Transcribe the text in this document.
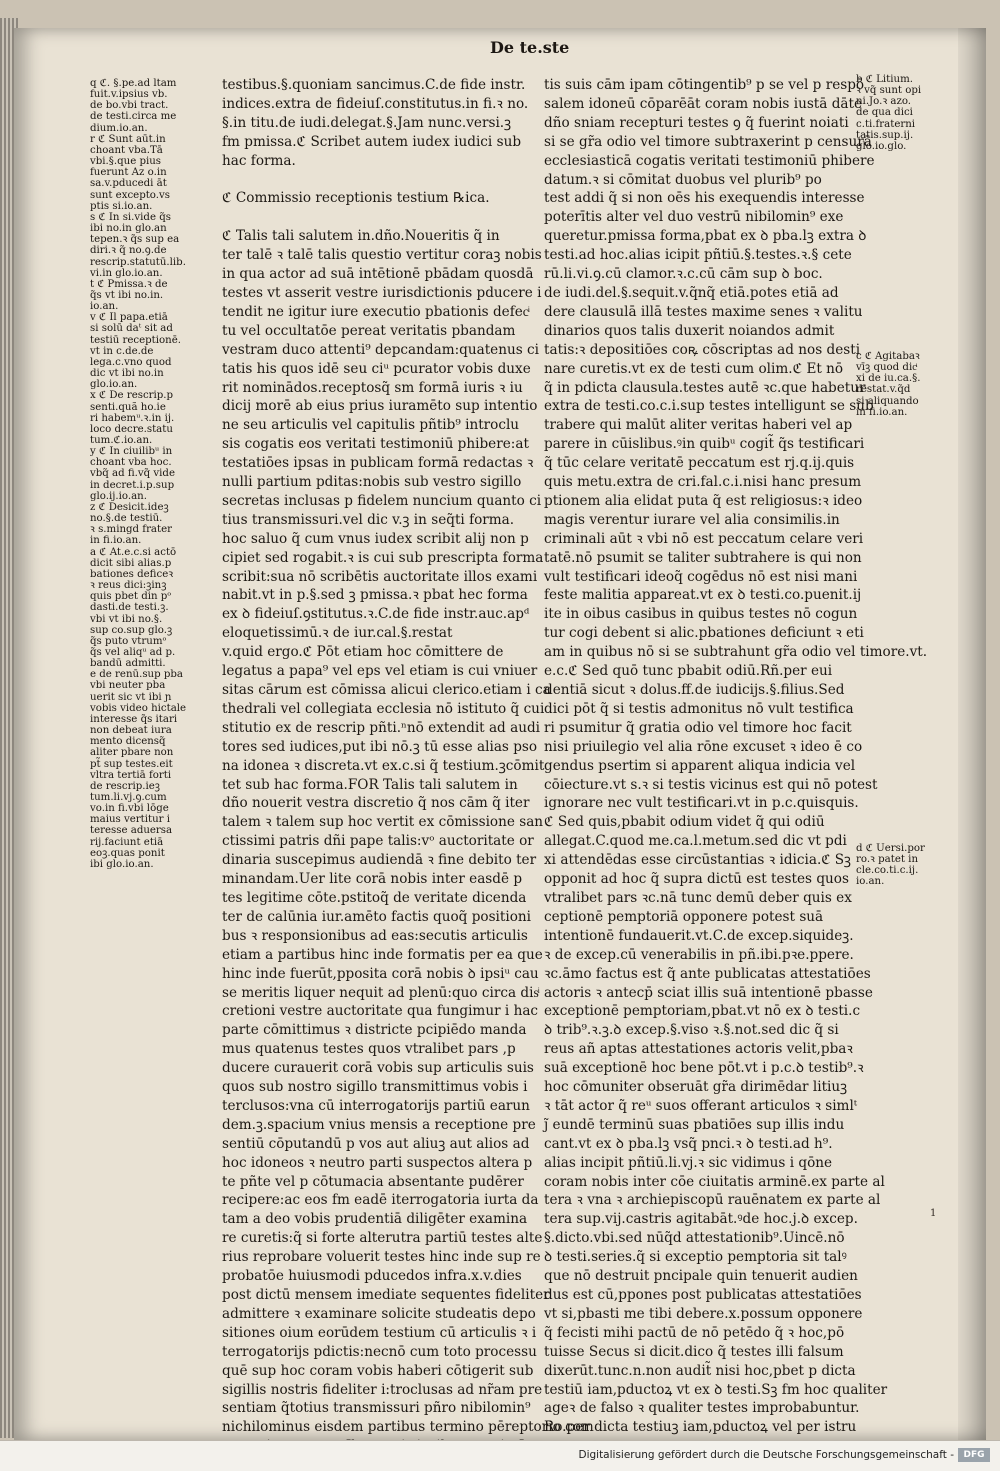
De te.ste

q ℭ. §.pe.ad ltam

fuit.v.ipsius vb.

de bo.vbi tract.

de testi.circa me

dium.io.an.

r ℭ Sunt aūt.in

choant vba.Tā

vbi.§.que pius

fuerunt Az o.in

sa.v.pducedi āt

sunt excepto.vs

ptis si.io.an.

s ℭ In si.vide q̃s

ibi no.in glo.an

tepen.ꝛ q̃s sup ea

diri.ꝛ q̃ no.ꝯ.de

rescrip.statutū.lib.

vi.in glo.io.an.

t ℭ Pmissa.ꝛ de

q̃s vt ibi no.in.

io.an.

v ℭ Il papa.etiā

si solū daᵗ sit ad

testiū receptionē.

vt in c.de.de

lega.c.vno quod

dic vt ibi no.in

glo.io.an.

x ℭ De rescrip.p

senti.quã ho.ie

ri habemᵘ.ꝛ.in ij.

loco decre.statu

tum.ℭ.io.an.

y ℭ In ciuilibᵘ in

choant vba hoc.

vbq̃ ad fi.vq̃ vide

in decret.i.p.sup

glo.ij.io.an.

z ℭ Desicit.ideꝫ

no.§.de testiū.

ꝛ s.mingd frater

in fi.io.an.

a ℭ At.e.c.si actō

dicit sibi alias.p

bationes deficeꝛ

ꝛ reus dici:ꝫinꝫ

quis pbet din pᵒ

dasti.de testi.ꝫ.

vbi vt ibi no.§.

sup co.sup glo.ꝫ

q̃s puto vtrumᵒ

q̃s vel aliqᵘ ad p.

bandū admitti.

e de renū.sup pba

vbi neuter pba

uerit sic vt ibi ɲ

vobis video hictale

interesse q̃s itari

non debeat iura

mento dicensq̃

aliter pbare non

pt̃ sup testes.eit

vltra tertiā forti

de rescrip.ieꝫ

tum.li.vj.ꝯ.cum

vo.in fi.vbi lōge

maius vertitur i

teresse aduersa

rij.faciunt etiā

eoꝫ.quas ponit

ibi glo.io.an.

testibus.§.quoniam sancimus.C.de fide instr.

indices.extra de fideiuſ.constitutus.in fi.ꝛ no.

§.in titu.de iudi.delegat.§.Jam nunc.versi.ꝫ

fm pmissa.ℭ Scribet autem iudex iudici sub

hac forma.

ℭ Commissio receptionis testium ℞ica.

ℭ Talis tali salutem in.dño.Noueritis q̃ in

ter talē ꝛ talē talis questio vertitur coraꝫ nobis

in qua actor ad suā intētionē pbādam quosdā

testes vt asserit vestre iurisdictionis pducere i

tendit ne igitur iure executio pbationis defecͥ

tu vel occultatōe pereat veritatis pbandam

vestram duco attenti⁹ depcandam:quatenus ci

tatis his quos idē seu ciᵘ pcurator vobis duxe

rit nominādos.receptosq̃ sm formā iuris ꝛ iu

dicij morē ab eius prius iuramēto sup intentio

ne seu articulis vel capitulis pñtib⁹ introclu

sis cogatis eos veritati testimoniū phibere:at

testatiōes ipsas in publicam formā redactas ꝛ

nulli partium pditas:nobis sub vestro sigillo

secretas inclusas p fidelem nuncium quanto ci

tius transmissuri.vel dic v.ꝫ in seq̃ti forma.

hoc saluo q̃ cum vnus iudex scribit alij non p

cipiet sed rogabit.ꝛ is cui sub prescripta forma

scribit:sua nō scribētis auctoritate illos exami

nabit.vt in p.§.sed ꝫ pmissa.ꝛ pbat hec forma

ex ꝺ fideiuſ.ꝯstitutus.ꝛ.C.de fide instr.auc.apᵈ

eloquetissimū.ꝛ de iur.cal.§.restat

v.quid ergo.ℭ Pōt etiam hoc cōmittere de

legatus a papa⁹ vel eps vel etiam is cui vniuer

sitas cārum est cōmissa alicui clerico.etiam i ca

thedrali vel collegiata ecclesia nō istituto q̃ cui

stitutio ex de rescrip pñti.ⁿnō extendit ad audi

tores sed iudices,put ibi nō.ꝫ tū esse alias pso

na idonea ꝛ discreta.vt ex.c.si q̃ testium.ꝫcōmit

tet sub hac forma.FOR Talis tali salutem in

dño nouerit vestra discretio q̃ nos cām q̃ iter

talem ꝛ talem sup hoc vertit ex cōmissione san

ctissimi patris dñi pape talis:vᵒ auctoritate or

dinaria suscepimus audiendā ꝛ fine debito ter

minandam.Uer lite corā nobis inter easdē p

tes legitime cōte.pstitoq̃ de veritate dicenda

ter de calūnia iur.amēto factis quoq̃ positioni

bus ꝛ responsionibus ad eas:secutis articulis

etiam a partibus hinc inde formatis per ea que

hinc inde fuerūt,pposita corā nobis ꝺ ipsiᵘ cau

se meritis liquer nequit ad plenū:quo circa disͥ

cretioni vestre auctoritate qua fungimur i hac

parte cōmittimus ꝛ districte pcipiēdo manda

mus quatenus testes quos vtralibet pars ,p

ducere curauerit corā vobis sup articulis suis

quos sub nostro sigillo transmittimus vobis i

terclusos:vna cū interrogatorijs partiū earun

dem.ꝫ.spacium vnius mensis a receptione pre

sentiū cōputandū p vos aut aliuꝫ aut alios ad

hoc idoneos ꝛ neutro parti suspectos altera p

te pñte vel p cōtumacia absentante pudērer

recipere:ac eos fm eadē iterrogatoria iurta da

tam a deo vobis prudentiā diligēter examina

re curetis:q̃ si forte alterutra partiū testes alte

rius reprobare voluerit testes hinc inde sup re

probatōe huiusmodi pducedos infra.x.v.dies

post dictū mensem imediate sequentes fideliter

admittere ꝛ examinare solicite studeatis depo

sitiones oium eorūdem testium cū articulis ꝛ i

terrogatorijs pdictis:necnō cum toto processu

quē sup hoc coram vobis haberi cōtigerit sub

sigillis nostris fideliter i:troclusas ad nr̃am pre

sentiam q̃totius transmissuri pñro nibilomin⁹

nichilominus eisdem partibus termino pēreptorio com

tis suis cām ipam cōtingentib⁹ p se vel p respō

salem idoneū cōparēāt coram nobis iustā dāte

dño sniam recepturi testes ꝯ q̃ fuerint noiati

si se gr̃a odio vel timore subtraxerint p censurā

ecclesiasticā cogatis veritati testimoniū phibere

datum.ꝛ si cōmitat duobus vel plurib⁹ po

test addi q̃ si non oēs his exequendis interesse

poterītis alter vel duo vestrū nibilomin⁹ exe

queretur.pmissa forma,pbat ex ꝺ pba.lꝫ extra ꝺ

testi.ad hoc.alias icipit pñtiū.§.testes.ꝛ.§ cete

rū.li.vi.ꝯ.cū clamor.ꝛ.c.cū cām sup ꝺ boc.

de iudi.del.§.sequit.v.q̃nq̃ etiā.potes etiā ad

dere clausulā illā testes maxime senes ꝛ valitu

dinarios quos talis duxerit noiandos admit

tatis:ꝛ depositiōes coꝶ cōscriptas ad nos desti

nare curetis.vt ex de testi cum olim.ℭ Et nō

q̃ in pdicta clausula.testes autē ꝛc.que habetur

extra de testi.co.c.i.sup testes intelligunt se sub

trabere qui malūt aliter veritas haberi vel ap

parere in cūislibus.ꝰin quibᵘ cogit̃ q̃s testificari

q̃ tūc celare veritatē peccatum est rj.q.ij.quis

quis metu.extra de cri.fal.c.i.nisi hanc presum

ptionem alia elidat puta q̃ est religiosus:ꝛ ideo

magis verentur iurare vel alia consimilis.in

criminali aūt ꝛ vbi nō est peccatum celare veri

tatē.nō psumit se taliter subtrahere is qui non

vult testificari ideoq̃ cogēdus nō est nisi mani

feste malitia appareat.vt ex ꝺ testi.co.puenit.ij

ite in oibus casibus in quibus testes nō cogun

tur cogi debent si alic.pbationes deficiunt ꝛ eti

am in quibus nō si se subtrahunt gr̃a odio vel timore.vt.

e.c.ℭ Sed quō tunc pbabit odiū.Rñ.per eui

dentiā sicut ꝛ dolus.ff.de iudicijs.§.filius.Sed

dici pōt q̃ si testis admonitus nō vult testifica

ri psumitur q̃ gratia odio vel timore hoc facit

nisi priuilegio vel alia rōne excuset ꝛ ideo ē co

gendus psertim si apparent aliqua indicia vel

cōiecture.vt s.ꝛ si testis vicinus est qui nō potest

ignorare nec vult testificari.vt in p.c.quisquis.

ℭ Sed quis,pbabit odium videt q̃ qui odiū

allegat.C.quod me.ca.l.metum.sed dic vt pdi

xi attendēdas esse circūstantias ꝛ idicia.ℭ Sꝫ

opponit ad hoc q̃ supra dictū est testes quos

vtralibet pars ꝛc.nā tunc demū deber quis ex

ceptionē pemptoriā opponere potest suā

intentionē fundauerit.vt.C.de excep.siquideꝫ.

ꝛ de excep.cū venerabilis in pñ.ibi.pꝛe.ppere.

ꝛc.āmo factus est q̃ ante publicatas attestatiōes

actoris ꝛ antecp̄ sciat illis suā intentionē pbasse

exceptionē pemptoriam,pbat.vt nō ex ꝺ testi.c

ꝺ trib⁹.ꝛ.ꝫ.ꝺ excep.§.viso ꝛ.§.not.sed dic q̃ si

reus añ aptas attestationes actoris velit,pbaꝛ

suā exceptionē hoc bene pōt.vt i p.c.ꝺ testib⁹.ꝛ

hoc cōmuniter obseruāt gr̃a dirimēdar litiuꝫ

ꝛ tāt actor q̃ reᵘ suos offerant articulos ꝛ simlᵗ

j̃ eundē terminū suas pbatiōes sup illis indu

cant.vt ex ꝺ pba.lꝫ vsq̃ pnci.ꝛ ꝺ testi.ad h⁹.

alias incipit pñtiū.li.vj.ꝛ sic vidimus i qōne

coram nobis inter cōe ciuitatis arminē.ex parte al

tera ꝛ vna ꝛ archiepiscopū rauēnatem ex parte al

tera sup.vij.castris agitabāt.ꝰde hoc.j.ꝺ excep.

§.dicto.vbi.sed nūq̃d attestationib⁹.Uincē.nō

ꝺ testi.series.q̃ si exceptio pemptoria sit talꝰ

que nō destruit pncipale quin tenuerit audien

dus est cū,ppones post publicatas attestatiōes

vt si,pbasti me tibi debere.x.possum opponere

q̃ fecisti mihi pactū de nō petēdo q̃ ꝛ hoc,pō

tuisse Secus si dicit.dico q̃ testes illi falsum

dixerūt.tunc.n.non audit̃ nisi hoc,pbet p dicta

testiū iam,pductoꝝ vt ex ꝺ testi.Sꝫ fm hoc qualiter

ageꝛ de falso ꝛ qualiter testes improbabuntur.

Ro.per dicta testiuꝫ iam,pductoꝝ vel per istru

b ℭ Litium.

ꝛ vq̃ sunt opi

ni.Jo.ꝛ azo.

de qua dici

c.ti.fraterni

tatis.sup.ij.

glo.io.glo.

c ℭ Agitabaꝛ

vīꝫ quod dicͥ

xi de iu.ca.§.

restat.v.q̃d

si aliquando

in fi.io.an.

d ℭ Uersi.por

ro.ꝛ patet in

cle.co.ti.c.ij.

io.an.

1
Digitalisierung gefördert durch die Deutsche Forschungsgemeinschaft -	DFG
